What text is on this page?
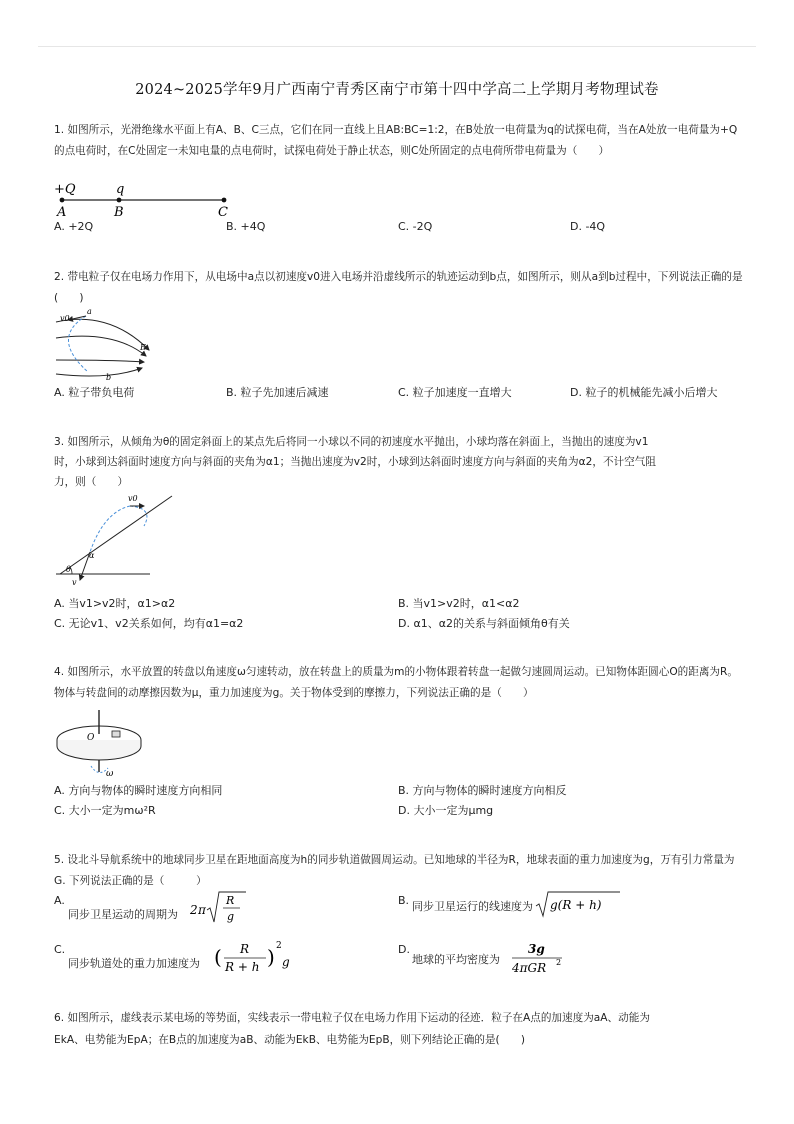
2024~2025学年9月广西南宁青秀区南宁市第十四中学高二上学期月考物理试卷
1. 如图所示，光滑绝缘水平面上有A、B、C三点，它们在同一直线上且AB:BC=1:2，在B处放一电荷量为q的试探电荷，当在A处放一电荷量为+Q的点电荷时，在C处固定一未知电量的点电荷时，试探电荷处于静止状态，则C处所固定的点电荷所带电荷量为（　　）
+Q	q
A	B	C
A. +2Q	B. +4Q	C. -2Q	D. -4Q
2. 带电粒子仅在电场力作用下，从电场中a点以初速度v0进入电场并沿虚线所示的轨迹运动到b点，如图所示，则从a到b过程中，下列说法正确的是(　　)
v0
a
E
b
A. 粒子带负电荷	B. 粒子先加速后减速	C. 粒子加速度一直增大	D. 粒子的机械能先减小后增大
3. 如图所示，从倾角为θ的固定斜面上的某点先后将同一小球以不同的初速度水平抛出，小球均落在斜面上，当抛出的速度为v1
时，小球到达斜面时速度方向与斜面的夹角为α1；当抛出速度为v2时，小球到达斜面时速度方向与斜面的夹角为α2，不计空气阻
力，则（　　）
v0
α
θ
v
A. 当v1>v2时，α1>α2	B. 当v1>v2时，α1<α2
C. 无论v1、v2关系如何，均有α1=α2	D. α1、α2的关系与斜面倾角θ有关
4. 如图所示，水平放置的转盘以角速度ω匀速转动，放在转盘上的质量为m的小物体跟着转盘一起做匀速圆周运动。已知物体距圆心O的距离为R。物体与转盘间的动摩擦因数为μ，重力加速度为g。关于物体受到的摩擦力，下列说法正确的是（　　）
O
ω
A. 方向与物体的瞬时速度方向相同	B. 方向与物体的瞬时速度方向相反
C. 大小一定为mω²R	D. 大小一定为μmg
5. 设北斗导航系统中的地球同步卫星在距地面高度为h的同步轨道做圆周运动。已知地球的半径为R，地球表面的重力加速度为g，万有引力常量为G. 下列说法正确的是（　　　）
A.
同步卫星运动的周期为 2 π
R
g
B. 同步卫星运行的线速度为 g(R + h)
C.
同步轨道处的重力加速度为 ( R
R + h ) 2
g
D.
地球的平均密度为
3g
4πGR 2
6. 如图所示，虚线表示某电场的等势面，实线表示一带电粒子仅在电场力作用下运动的径迹．粒子在A点的加速度为aA、动能为
EkA、电势能为EpA；在B点的加速度为aB、动能为EkB、电势能为EpB，则下列结论正确的是(　　)
